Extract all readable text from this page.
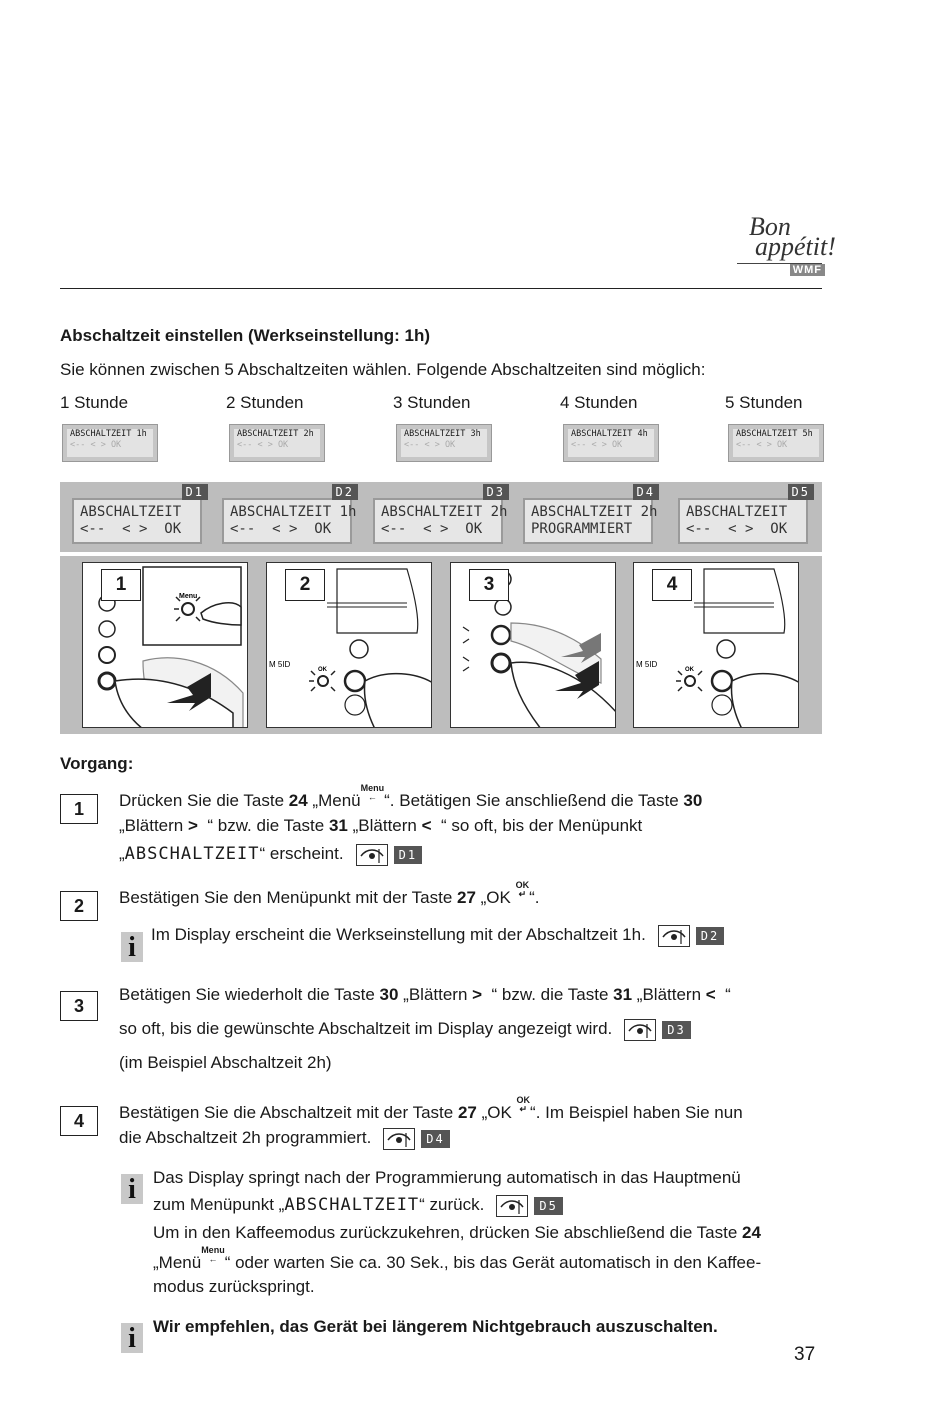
Bon
appétit!
WMF
Abschaltzeit einstellen (Werkseinstellung: 1h)
Sie können zwischen 5 Abschaltzeiten wählen. Folgende Abschaltzeiten sind möglich:
1 Stunde	2 Stunden	3 Stunden	4 Stunden	5 Stunden
ABSCHALTZEIT 1h
<-- < > OK
ABSCHALTZEIT 2h
<-- < > OK
ABSCHALTZEIT 3h
<-- < > OK
ABSCHALTZEIT 4h
<-- < > OK
ABSCHALTZEIT 5h
<-- < > OK
ABSCHALTZEIT
<--  < >  OK
D1
ABSCHALTZEIT 1h
<--  < >  OK
D2
ABSCHALTZEIT 2h
<--  < >  OK
D3
ABSCHALTZEIT 2h
PROGRAMMIERT
D4
ABSCHALTZEIT
<--  < >  OK
D5
Menu
1
M 5ID
OK
2	3
M 5ID
OK
4
Vorgang:
1	Drücken Sie die Taste 24 „MenüMenu
← “. Betätigen Sie anschließend die Taste 30
„Blättern > “ bzw. die Taste 31 „Blättern < “ so oft, bis der Menüpunkt
„ABSCHALTZEIT“ erscheint.	D1
2	Bestätigen Sie den Menüpunkt mit der Taste 27 „OK OK
↵ “.
i Im Display erscheint die Werkseinstellung mit der Abschaltzeit 1h.	D2
3
Betätigen Sie wiederholt die Taste 30 „Blättern > “ bzw. die Taste 31 „Blättern < “
so oft, bis die gewünschte Abschaltzeit im Display angezeigt wird.	D3
(im Beispiel Abschaltzeit 2h)
4	Bestätigen Sie die Abschaltzeit mit der Taste 27 „OK OK
↵ “. Im Beispiel haben Sie nun
die Abschaltzeit 2h programmiert.	D4
i	Das Display springt nach der Programmierung automatisch in das Hauptmenü
zum Menüpunkt „ABSCHALTZEIT“ zurück.	D5
Um in den Kaffeemodus zurückzukehren, drücken Sie abschließend die Taste 24
„MenüMenu
← “ oder warten Sie ca. 30 Sek., bis das Gerät automatisch in den Kaffee-
modus zurückspringt.
i	Wir empfehlen, das Gerät bei längerem Nichtgebrauch auszuschalten.
37
